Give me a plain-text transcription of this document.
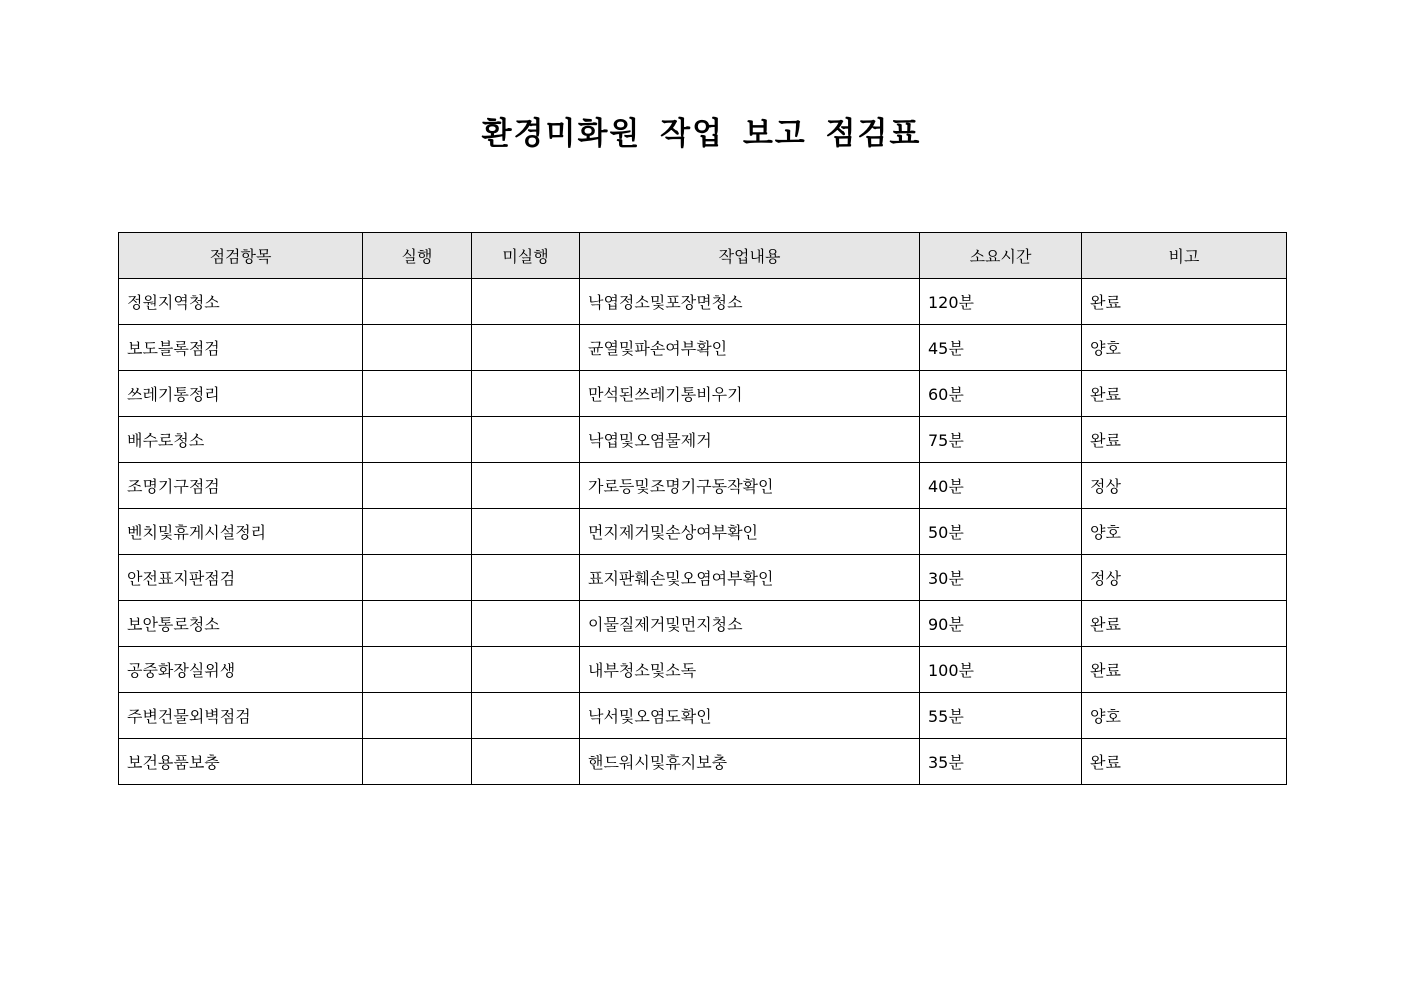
환경미화원 작업 보고 점검표
점검항목	실행	미실행	작업내용	소요시간	비고
정원지역청소			낙엽정소및포장면청소	120분	완료
보도블록점검			균열및파손여부확인	45분	양호
쓰레기통정리			만석된쓰레기통비우기	60분	완료
배수로청소			낙엽및오염물제거	75분	완료
조명기구점검			가로등및조명기구동작확인	40분	정상
벤치및휴게시설정리			먼지제거및손상여부확인	50분	양호
안전표지판점검			표지판훼손및오염여부확인	30분	정상
보안통로청소			이물질제거및먼지청소	90분	완료
공중화장실위생			내부청소및소독	100분	완료
주변건물외벽점검			낙서및오염도확인	55분	양호
보건용품보충			핸드워시및휴지보충	35분	완료
